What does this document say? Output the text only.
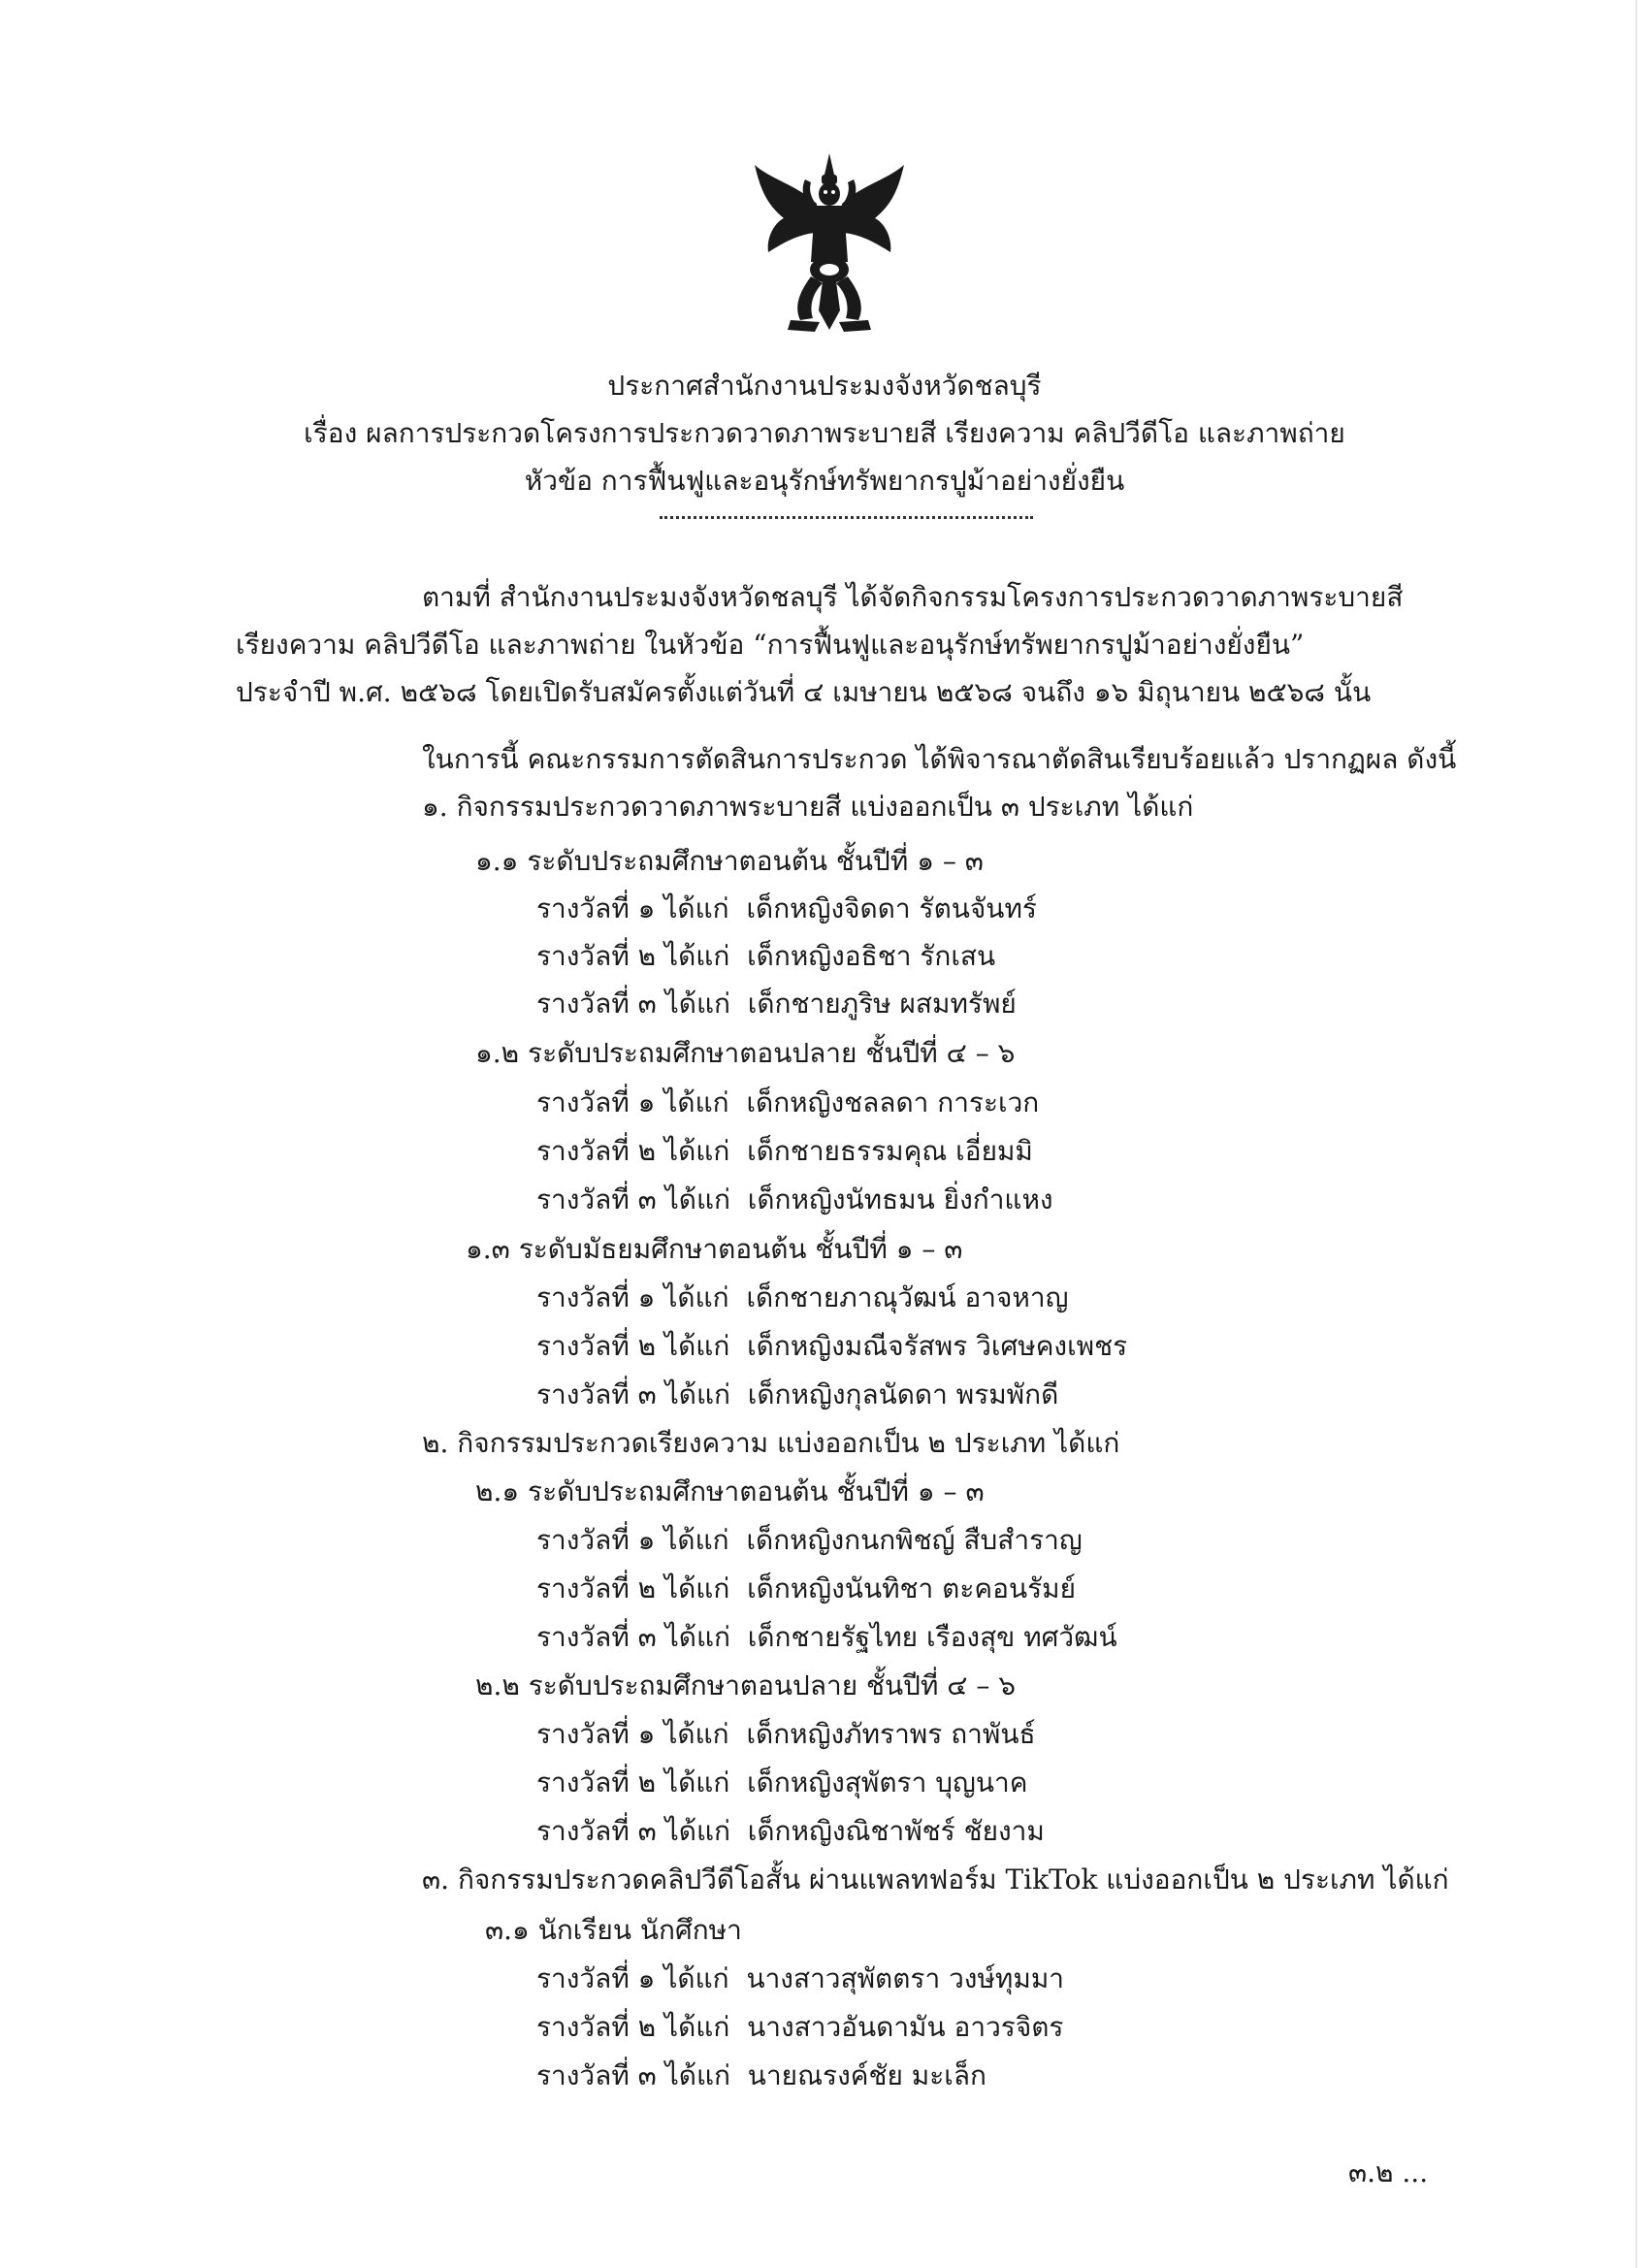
ประกาศสำนักงานประมงจังหวัดชลบุรี
เรื่อง ผลการประกวดโครงการประกวดวาดภาพระบายสี เรียงความ คลิปวีดีโอ และภาพถ่าย
หัวข้อ การฟื้นฟูและอนุรักษ์ทรัพยากรปูม้าอย่างยั่งยืน
ตามที่ สำนักงานประมงจังหวัดชลบุรี ได้จัดกิจกรรมโครงการประกวดวาดภาพระบายสี
เรียงความ คลิปวีดีโอ และภาพถ่าย ในหัวข้อ “การฟื้นฟูและอนุรักษ์ทรัพยากรปูม้าอย่างยั่งยืน”
ประจำปี พ.ศ. ๒๕๖๘ โดยเปิดรับสมัครตั้งแต่วันที่ ๔ เมษายน ๒๕๖๘ จนถึง ๑๖ มิถุนายน ๒๕๖๘ นั้น
ในการนี้ คณะกรรมการตัดสินการประกวด ได้พิจารณาตัดสินเรียบร้อยแล้ว ปรากฏผล ดังนี้
๑. กิจกรรมประกวดวาดภาพระบายสี แบ่งออกเป็น ๓ ประเภท ได้แก่
๑.๑ ระดับประถมศึกษาตอนต้น ชั้นปีที่ ๑ – ๓
รางวัลที่ ๑ ได้แก่ เด็กหญิงจิดดา รัตนจันทร์
รางวัลที่ ๒ ได้แก่ เด็กหญิงอธิชา รักเสน
รางวัลที่ ๓ ได้แก่ เด็กชายภูริษ ผสมทรัพย์
๑.๒ ระดับประถมศึกษาตอนปลาย ชั้นปีที่ ๔ – ๖
รางวัลที่ ๑ ได้แก่ เด็กหญิงชลลดา การะเวก
รางวัลที่ ๒ ได้แก่ เด็กชายธรรมคุณ เอี่ยมมิ
รางวัลที่ ๓ ได้แก่ เด็กหญิงนัทธมน ยิ่งกำแหง
๑.๓ ระดับมัธยมศึกษาตอนต้น ชั้นปีที่ ๑ – ๓
รางวัลที่ ๑ ได้แก่ เด็กชายภาณุวัฒน์ อาจหาญ
รางวัลที่ ๒ ได้แก่ เด็กหญิงมณีจรัสพร วิเศษคงเพชร
รางวัลที่ ๓ ได้แก่ เด็กหญิงกุลนัดดา พรมพักดี
๒. กิจกรรมประกวดเรียงความ แบ่งออกเป็น ๒ ประเภท ได้แก่
๒.๑ ระดับประถมศึกษาตอนต้น ชั้นปีที่ ๑ – ๓
รางวัลที่ ๑ ได้แก่ เด็กหญิงกนกพิชญ์ สืบสำราญ
รางวัลที่ ๒ ได้แก่ เด็กหญิงนันทิชา ตะคอนรัมย์
รางวัลที่ ๓ ได้แก่ เด็กชายรัฐไทย เรืองสุข ทศวัฒน์
๒.๒ ระดับประถมศึกษาตอนปลาย ชั้นปีที่ ๔ – ๖
รางวัลที่ ๑ ได้แก่ เด็กหญิงภัทราพร ถาพันธ์
รางวัลที่ ๒ ได้แก่ เด็กหญิงสุพัตรา บุญนาค
รางวัลที่ ๓ ได้แก่ เด็กหญิงณิชาพัชร์ ชัยงาม
๓. กิจกรรมประกวดคลิปวีดีโอสั้น ผ่านแพลทฟอร์ม TikTok แบ่งออกเป็น ๒ ประเภท ได้แก่
๓.๑ นักเรียน นักศึกษา
รางวัลที่ ๑ ได้แก่ นางสาวสุพัตตรา วงษ์ทุมมา
รางวัลที่ ๒ ได้แก่ นางสาวอันดามัน อาวรจิตร
รางวัลที่ ๓ ได้แก่ นายณรงค์ชัย มะเล็ก
๓.๒ ...
